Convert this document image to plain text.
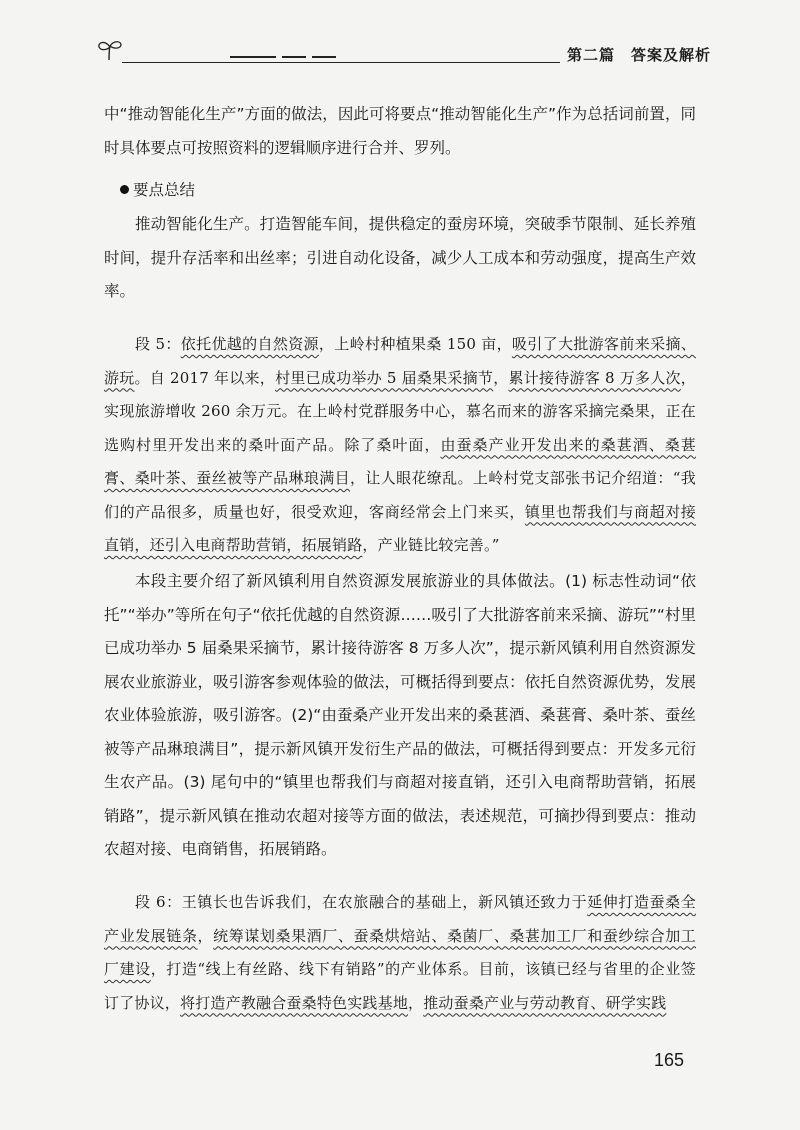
第二篇　答案及解析
中“推动智能化生产”方面的做法，因此可将要点“推动智能化生产”作为总括词前置，同时具体要点可按照资料的逻辑顺序进行合并、罗列。
要点总结
推动智能化生产。打造智能车间，提供稳定的蚕房环境，突破季节限制、延长养殖时间，提升存活率和出丝率；引进自动化设备，减少人工成本和劳动强度，提高生产效率。
段 5：依托优越的自然资源，上岭村种植果桑 150 亩，吸引了大批游客前来采摘、游玩。自 2017 年以来，村里已成功举办 5 届桑果采摘节，累计接待游客 8 万多人次，实现旅游增收 260 余万元。在上岭村党群服务中心，慕名而来的游客采摘完桑果，正在选购村里开发出来的桑叶面产品。除了桑叶面，由蚕桑产业开发出来的桑葚酒、桑葚膏、桑叶茶、蚕丝被等产品琳琅满目，让人眼花缭乱。上岭村党支部张书记介绍道：“我们的产品很多，质量也好，很受欢迎，客商经常会上门来买，镇里也帮我们与商超对接直销，还引入电商帮助营销，拓展销路，产业链比较完善。”
本段主要介绍了新风镇利用自然资源发展旅游业的具体做法。(1) 标志性动词“依托”“举办”等所在句子“依托优越的自然资源……吸引了大批游客前来采摘、游玩”“村里已成功举办 5 届桑果采摘节，累计接待游客 8 万多人次”，提示新风镇利用自然资源发展农业旅游业，吸引游客参观体验的做法，可概括得到要点：依托自然资源优势，发展农业体验旅游，吸引游客。(2)“由蚕桑产业开发出来的桑葚酒、桑葚膏、桑叶茶、蚕丝被等产品琳琅满目”，提示新风镇开发衍生产品的做法，可概括得到要点：开发多元衍生农产品。(3) 尾句中的“镇里也帮我们与商超对接直销，还引入电商帮助营销，拓展销路”，提示新风镇在推动农超对接等方面的做法，表述规范，可摘抄得到要点：推动农超对接、电商销售，拓展销路。
段 6：王镇长也告诉我们，在农旅融合的基础上，新风镇还致力于延伸打造蚕桑全产业发展链条，统筹谋划桑果酒厂、蚕桑烘焙站、桑菌厂、桑葚加工厂和蚕纱综合加工厂建设，打造“线上有丝路、线下有销路”的产业体系。目前，该镇已经与省里的企业签订了协议，将打造产教融合蚕桑特色实践基地，推动蚕桑产业与劳动教育、研学实践
165
